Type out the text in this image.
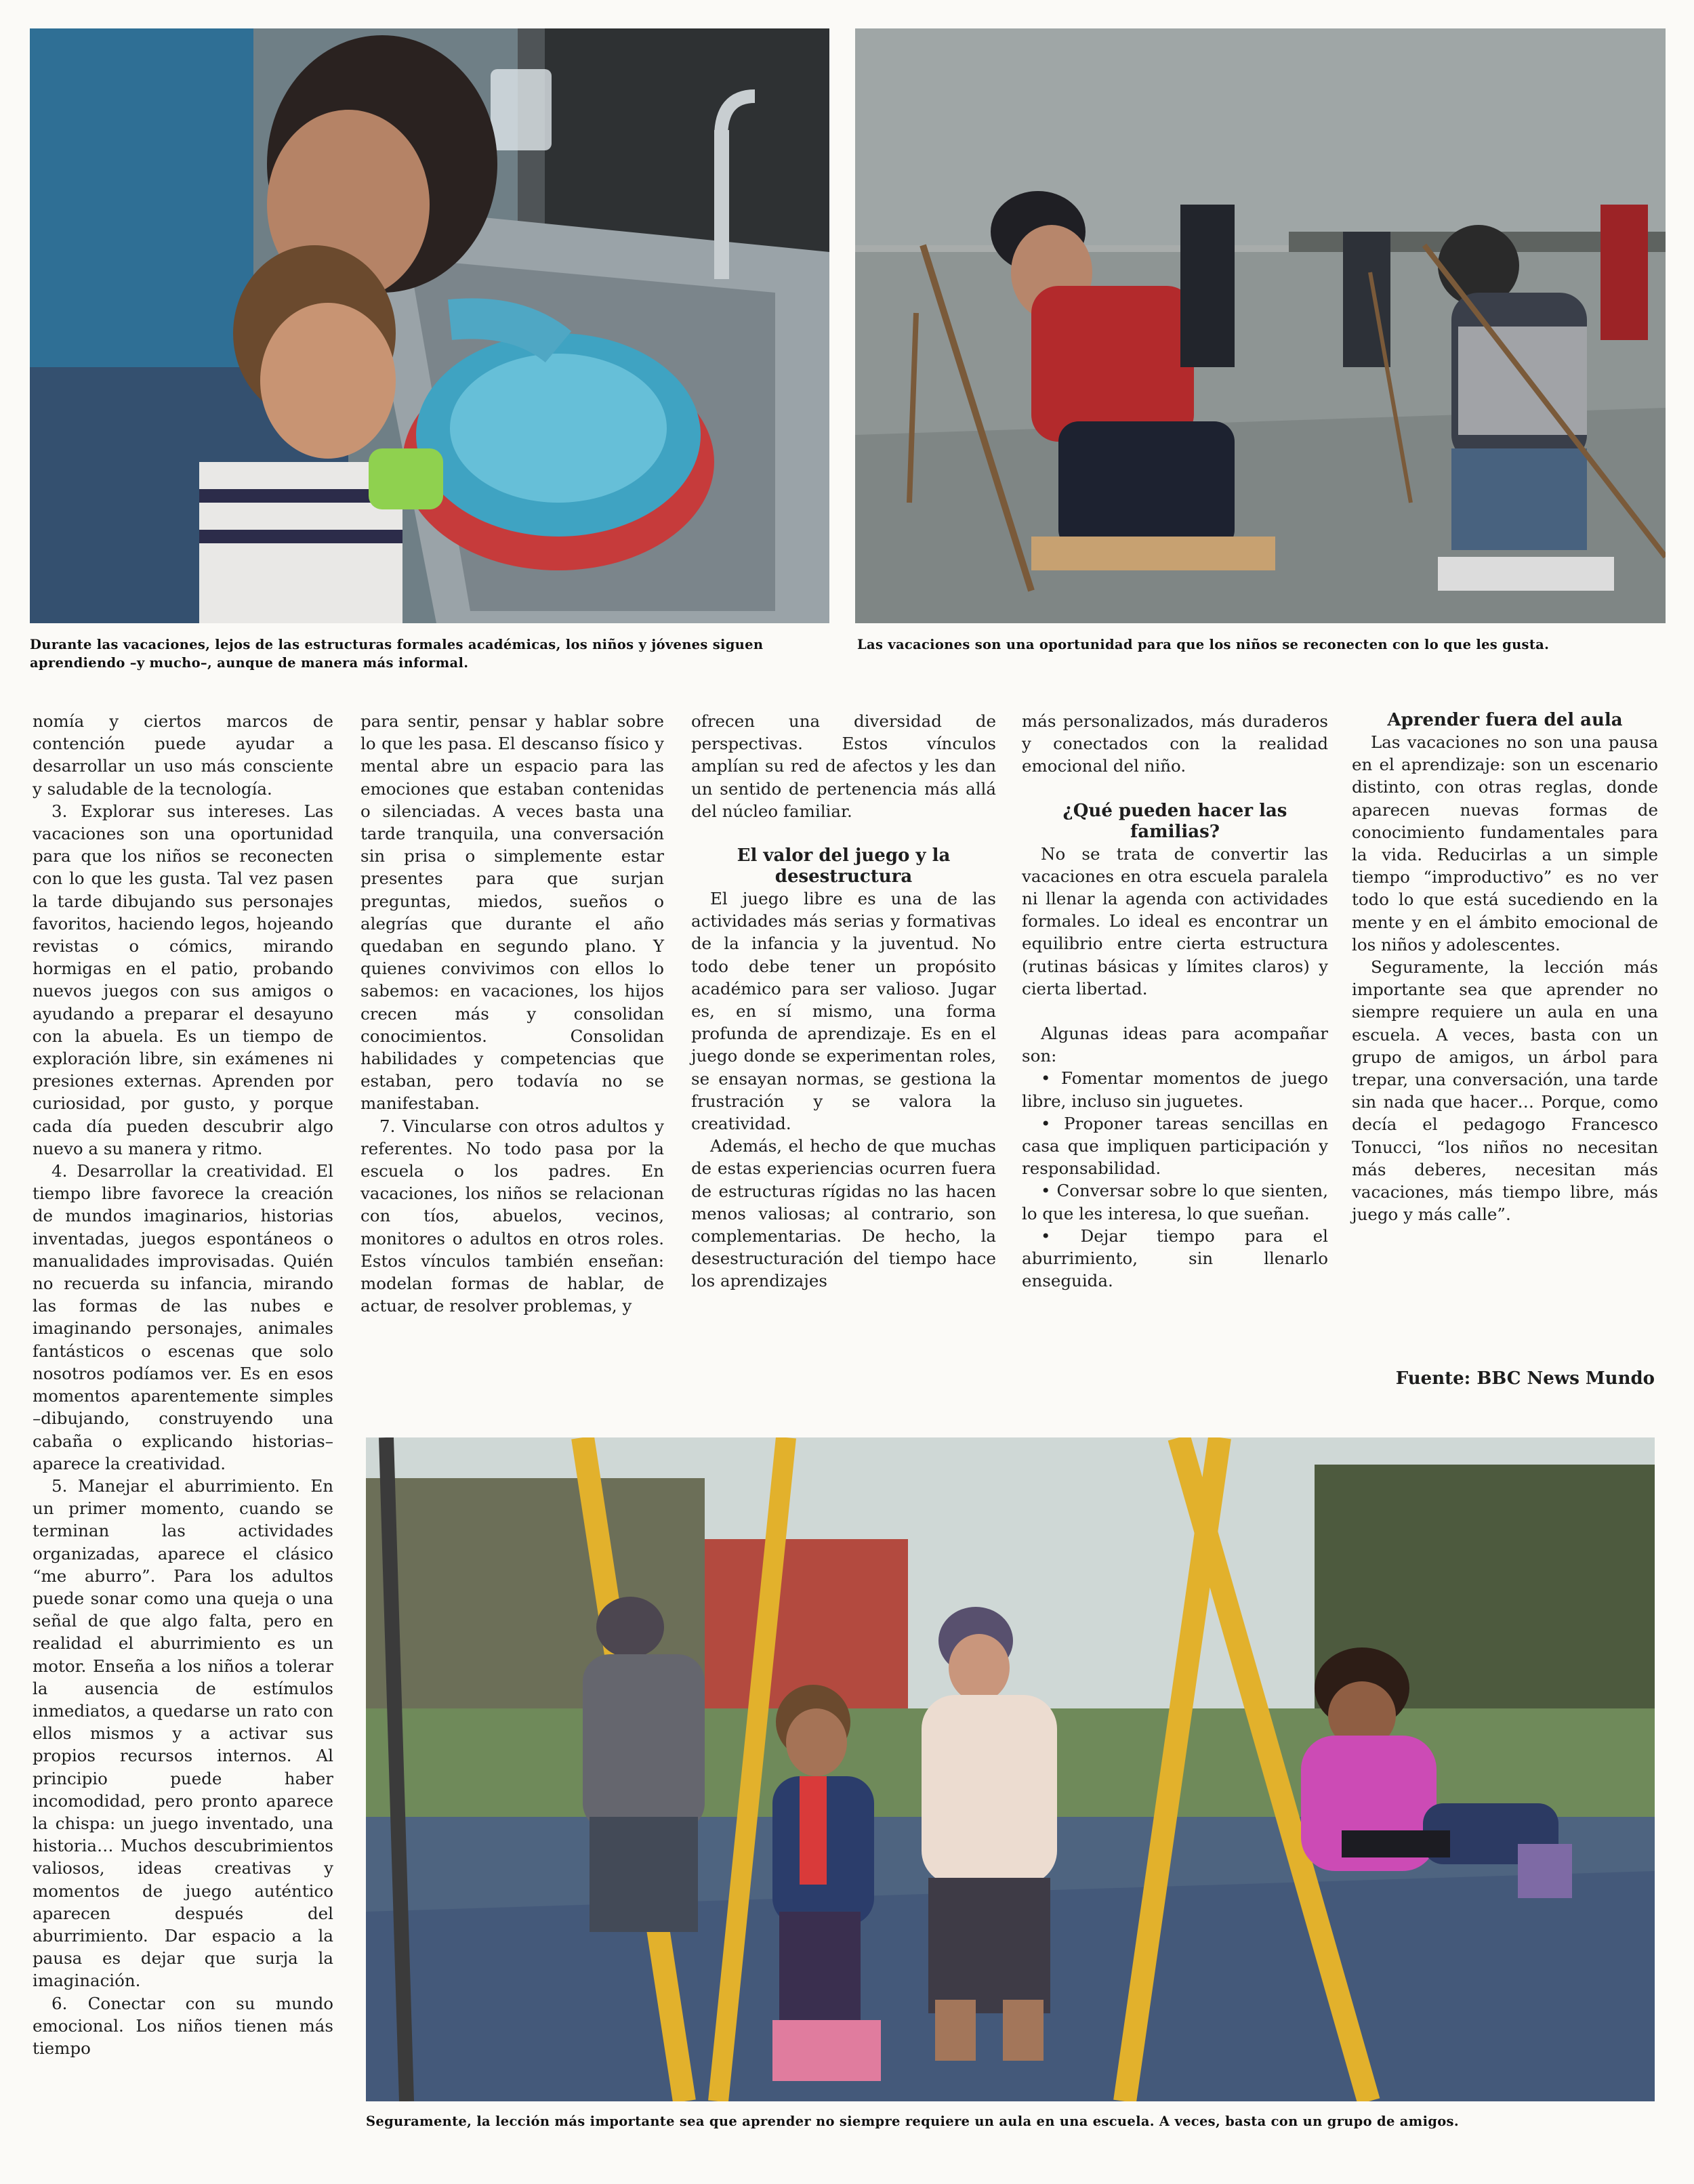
Durante las vacaciones, lejos de las estructuras formales académicas, los niños y jóvenes siguen aprendiendo –y mucho–, aunque de manera más informal.
Las vacaciones son una oportunidad para que los niños se reconecten con lo que les gusta.

nomía y ciertos marcos de contención puede ayudar a desarrollar un uso más consciente y saludable de la tecnología.

3. Explorar sus intereses. Las vacaciones son una oportunidad para que los niños se reconecten con lo que les gusta. Tal vez pasen la tarde dibujando sus personajes favoritos, haciendo legos, hojeando revistas o cómics, mirando hormigas en el patio, probando nuevos juegos con sus amigos o ayudando a preparar el desayuno con la abuela. Es un tiempo de exploración libre, sin exámenes ni presiones externas. Aprenden por curiosidad, por gusto, y porque cada día pueden descubrir algo nuevo a su manera y ritmo.

4. Desarrollar la creatividad. El tiempo libre favorece la creación de mundos imaginarios, historias inventadas, juegos espontáneos o manualidades improvisadas. Quién no recuerda su infancia, mirando las formas de las nubes e imaginando personajes, animales fantásticos o escenas que solo nosotros podíamos ver. Es en esos momentos aparentemente simples –dibujando, construyendo una cabaña o explicando historias– aparece la creatividad.

5. Manejar el aburrimiento. En un primer momento, cuando se terminan las actividades organizadas, aparece el clásico “me aburro”. Para los adultos puede sonar como una queja o una señal de que algo falta, pero en realidad el aburrimiento es un motor. Enseña a los niños a tolerar la ausencia de estímulos inmediatos, a quedarse un rato con ellos mismos y a activar sus propios recursos internos. Al principio puede haber incomodidad, pero pronto aparece la chispa: un juego inventado, una historia… Muchos descubrimientos valiosos, ideas creativas y momentos de juego auténtico aparecen después del aburrimiento. Dar espacio a la pausa es dejar que surja la imaginación.

6. Conectar con su mundo emocional. Los niños tienen más tiempo

para sentir, pensar y hablar sobre lo que les pasa. El descanso físico y mental abre un espacio para las emociones que estaban contenidas o silenciadas. A veces basta una tarde tranquila, una conversación sin prisa o simplemente estar presentes para que surjan preguntas, miedos, sueños o alegrías que durante el año quedaban en segundo plano. Y quienes convivimos con ellos lo sabemos: en vacaciones, los hijos crecen más y consolidan conocimientos. Consolidan habilidades y competencias que estaban, pero todavía no se manifestaban.

7. Vincularse con otros adultos y referentes. No todo pasa por la escuela o los padres. En vacaciones, los niños se relacionan con tíos, abuelos, vecinos, monitores o adultos en otros roles. Estos vínculos también enseñan: modelan formas de hablar, de actuar, de resolver problemas, y

ofrecen una diversidad de perspectivas. Estos vínculos amplían su red de afectos y les dan un sentido de pertenencia más allá del núcleo familiar.

El valor del juego y la desestructura

El juego libre es una de las actividades más serias y formativas de la infancia y la juventud. No todo debe tener un propósito académico para ser valioso. Jugar es, en sí mismo, una forma profunda de aprendizaje. Es en el juego donde se experimentan roles, se ensayan normas, se gestiona la frustración y se valora la creatividad.

Además, el hecho de que muchas de estas experiencias ocurren fuera de estructuras rígidas no las hacen menos valiosas; al contrario, son complementarias. De hecho, la desestructuración del tiempo hace los aprendizajes

más personalizados, más duraderos y conectados con la realidad emocional del niño.

¿Qué pueden hacer las familias?

No se trata de convertir las vacaciones en otra escuela paralela ni llenar la agenda con actividades formales. Lo ideal es encontrar un equilibrio entre cierta estructura (rutinas básicas y límites claros) y cierta libertad.

Algunas ideas para acompañar son:

• Fomentar momentos de juego libre, incluso sin juguetes.

• Proponer tareas sencillas en casa que impliquen participación y responsabilidad.

• Conversar sobre lo que sienten, lo que les interesa, lo que sueñan.

• Dejar tiempo para el aburrimiento, sin llenarlo enseguida.

Aprender fuera del aula

Las vacaciones no son una pausa en el aprendizaje: son un escenario distinto, con otras reglas, donde aparecen nuevas formas de conocimiento fundamentales para la vida. Reducirlas a un simple tiempo “improductivo” es no ver todo lo que está sucediendo en la mente y en el ámbito emocional de los niños y adolescentes.

Seguramente, la lección más importante sea que aprender no siempre requiere un aula en una escuela. A veces, basta con un grupo de amigos, un árbol para trepar, una conversación, una tarde sin nada que hacer… Porque, como decía el pedagogo Francesco Tonucci, “los niños no necesitan más deberes, necesitan más vacaciones, más tiempo libre, más juego y más calle”.

Fuente: BBC News Mundo
Seguramente, la lección más importante sea que aprender no siempre requiere un aula en una escuela. A veces, basta con un grupo de amigos.
